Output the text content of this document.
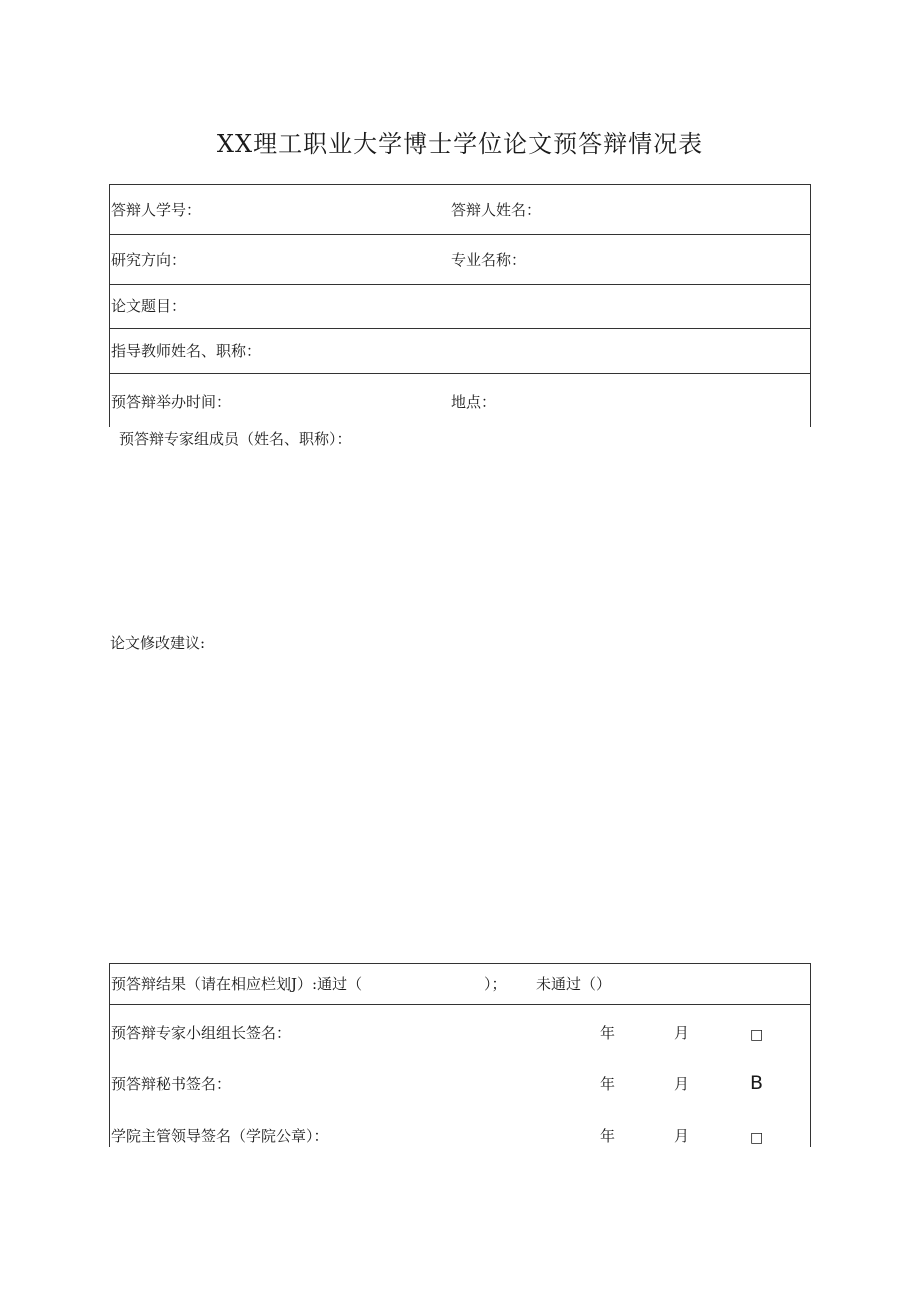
XX理工职业大学博士学位论文预答辩情况表
答辩人学号：	答辩人姓名：
研究方向：	专业名称：
论文题目：
指导教师姓名、职称：
预答辩举办时间：	地点：
预答辩专家组成员（姓名、职称）：
论文修改建议:
预答辩结果（请在相应栏划J）:通过（	）； 未通过（）
预答辩专家小组组长签名：	年	月	□
预答辩秘书签名：	年	月	B
学院主管领导签名（学院公章）：	年	月	□
